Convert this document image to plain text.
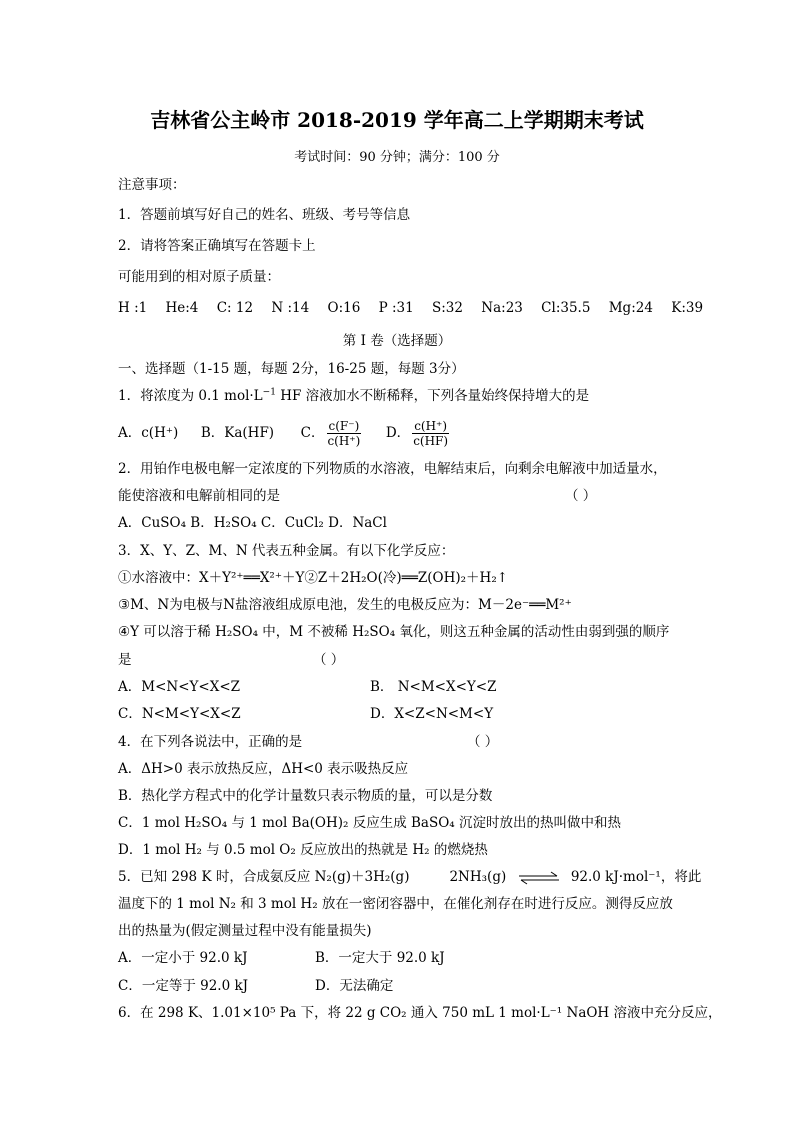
吉林省公主岭市 2018-2019 学年高二上学期期末考试
考试时间：90 分钟；满分：100 分
注意事项：
1．答题前填写好自己的姓名、班级、考号等信息
2．请将答案正确填写在答题卡上
可能用到的相对原子质量：
H :1 He:4 C: 12 N :14 O:16 P :31 S:32 Na:23 Cl:35.5 Mg:24 K:39
第 I 卷（选择题）
一、选择题（1-15 题，每题 2分，16-25 题，每题 3分）
1．将浓度为 0.1 $mol\cdot L^{-1}$ HF 溶液加水不断稀释，下列各量始终保持增大的是
A．c(H⁺) B．Ka(HF) C． $\frac{c(F^-)}{c(H^+)}$ D． $\frac{c(H^+)}{c(HF)}$
2．用铂作电极电解一定浓度的下列物质的水溶液，电解结束后，向剩余电解液中加适量水，
能使溶液和电解前相同的是	（ ）
A．CuSO₄ B．H₂SO₄ C．CuCl₂ D．NaCl
3．X、Y、Z、M、N 代表五种金属。有以下化学反应：
①水溶液中：X＋Y²⁺══X²⁺＋Y②Z＋2H₂O(冷)══Z(OH)₂＋H₂↑
③M、N为电极与N盐溶液组成原电池，发生的电极反应为：M－2e⁻══M²⁺
④Y 可以溶于稀 H₂SO₄ 中，M 不被稀 H₂SO₄ 氧化，则这五种金属的活动性由弱到强的顺序
是	（ ）
A．M<N<Y<X<Z	B． N<M<X<Y<Z
C．N<M<Y<X<Z	D．X<Z<N<M<Y
4．在下列各说法中，正确的是	（ ）
A．ΔH>0 表示放热反应，ΔH<0 表示吸热反应
B．热化学方程式中的化学计量数只表示物质的量，可以是分数
C．1 mol H₂SO₄ 与 1 mol Ba(OH)₂ 反应生成 BaSO₄ 沉淀时放出的热叫做中和热
D．1 mol H₂ 与 0.5 mol O₂ 反应放出的热就是 H₂ 的燃烧热
5．已知 298 K 时，合成氨反应 N₂(g)＋3H₂(g)	2NH₃(g) ⇌ 92.0 kJ·mol⁻¹，将此
温度下的 1 mol N₂ 和 3 mol H₂ 放在一密闭容器中，在催化剂存在时进行反应。测得反应放
出的热量为(假定测量过程中没有能量损失)
A．一定小于 92.0 kJ	B．一定大于 92.0 kJ
C．一定等于 92.0 kJ	D．无法确定
6．在 298 K、1.01×10⁵ Pa 下，将 22 g CO₂ 通入 750 mL 1 mol·L⁻¹ NaOH 溶液中充分反应，
